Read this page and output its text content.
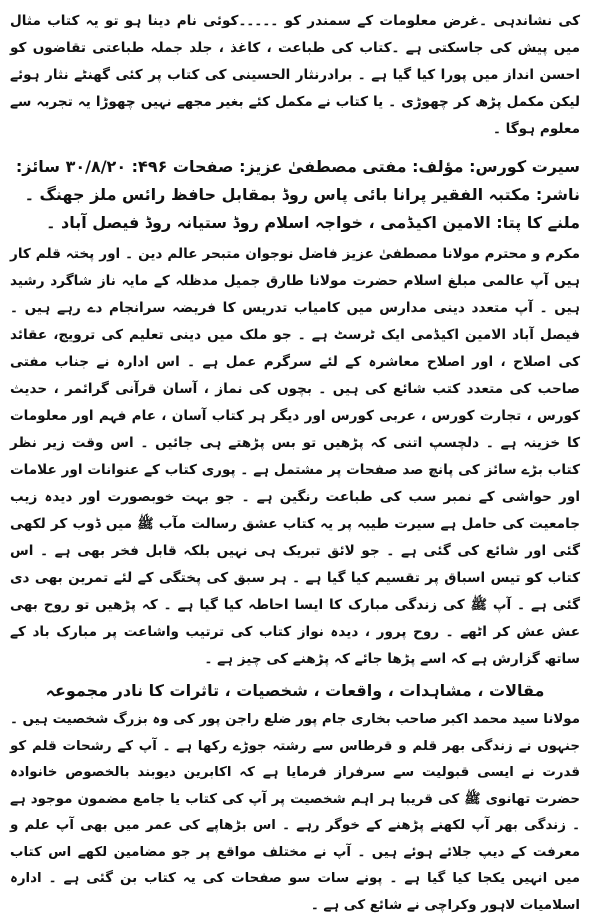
کی نشاندہی ۔غرض معلومات کے سمندر کو ۔۔۔۔۔کوئی نام دینا ہو تو یہ کتاب مثال میں پیش کی جاسکتی ہے ۔کتاب کی طباعت ، کاغذ ، جلد جملہ طباعتی تقاضوں کو احسن انداز میں پورا کیا گیا ہے ۔ برادرنثار الحسینی کی کتاب پر کئی گھنٹے نثار ہوئے لیکن مکمل پڑھ کر چھوڑی ۔ یا کتاب نے مکمل کئے بغیر مجھے نہیں چھوڑا یہ تجربہ سے معلوم ہوگا ۔

سیرت کورس: مؤلف: مفتی مصطفیٰ عزیز: صفحات ۴۹۶: ۳۰/۸/۲۰ سائز: ناشر: مکتبہ الفقیر پرانا بائی پاس روڈ بمقابل حافظ رائس ملز جھنگ ۔ ملنے کا پتا: الامین اکیڈمی ، خواجہ اسلام روڈ ستیانہ روڈ فیصل آباد ۔

مکرم و محترم مولانا مصطفیٰ عزیز فاضل نوجوان متبحر عالم دین ۔ اور پختہ قلم کار ہیں آپ عالمی مبلغ اسلام حضرت مولانا طارق جمیل مدظلہ کے مایہ ناز شاگرد رشید ہیں ۔ آپ متعدد دینی مدارس میں کامیاب تدریس کا فریضہ سرانجام دے رہے ہیں ۔ فیصل آباد الامین اکیڈمی ایک ٹرسٹ ہے ۔ جو ملک میں دینی تعلیم کی ترویج، عقائد کی اصلاح ، اور اصلاح معاشرہ کے لئے سرگرم عمل ہے ۔ اس ادارہ نے جناب مفتی صاحب کی متعدد کتب شائع کی ہیں ۔ بچوں کی نماز ، آسان قرآنی گرائمر ، حدیث کورس ، تجارت کورس ، عربی کورس اور دیگر ہر کتاب آسان ، عام فہم اور معلومات کا خزینہ ہے ۔ دلچسپ اتنی کہ پڑھیں تو بس پڑھتے ہی جائیں ۔ اس وقت زیر نظر کتاب بڑے سائز کی پانچ صد صفحات پر مشتمل ہے ۔ پوری کتاب کے عنوانات اور علامات اور حواشی کے نمبر سب کی طباعت رنگین ہے ۔ جو بہت خوبصورت اور دیدہ زیب جامعیت کی حامل ہے سیرت طیبہ پر یہ کتاب عشق رسالت مآب ﷺ میں ڈوب کر لکھی گئی اور شائع کی گئی ہے ۔ جو لائق تبریک ہی نہیں بلکہ قابل فخر بھی ہے ۔ اس کتاب کو تیس اسباق پر تقسیم کیا گیا ہے ۔ ہر سبق کی پختگی کے لئے تمرین بھی دی گئی ہے ۔ آپ ﷺ کی زندگی مبارک کا ایسا احاطہ کیا گیا ہے ۔ کہ پڑھیں تو روح بھی عش عش کر اٹھے ۔ روح پرور ، دیدہ نواز کتاب کی ترتیب واشاعت پر مبارک باد کے ساتھ گزارش ہے کہ اسے پڑھا جائے کہ پڑھنے کی چیز ہے ۔

مقالات ، مشاہدات ، واقعات ، شخصیات ، تاثرات کا نادر مجموعہ

مولانا سید محمد اکبر صاحب بخاری جام پور ضلع راجن پور کی وہ بزرگ شخصیت ہیں ۔ جنہوں نے زندگی بھر قلم و قرطاس سے رشتہ جوڑے رکھا ہے ۔ آپ کے رشحات قلم کو قدرت نے ایسی قبولیت سے سرفراز فرمایا ہے کہ اکابرین دیوبند بالخصوص خانوادہ حضرت تھانوی ﷺ کی قریبا ہر اہم شخصیت پر آپ کی کتاب یا جامع مضمون موجود ہے ۔ زندگی بھر آپ لکھنے پڑھنے کے خوگر رہے ۔ اس بڑھاپے کی عمر میں بھی آپ علم و معرفت کے دیپ جلائے ہوئے ہیں ۔ آپ نے مختلف مواقع پر جو مضامین لکھے اس کتاب میں انہیں یکجا کیا گیا ہے ۔ پونے سات سو صفحات کی یہ کتاب بن گئی ہے ۔ ادارہ اسلامیات لاہور وکراچی نے شائع کی ہے ۔
